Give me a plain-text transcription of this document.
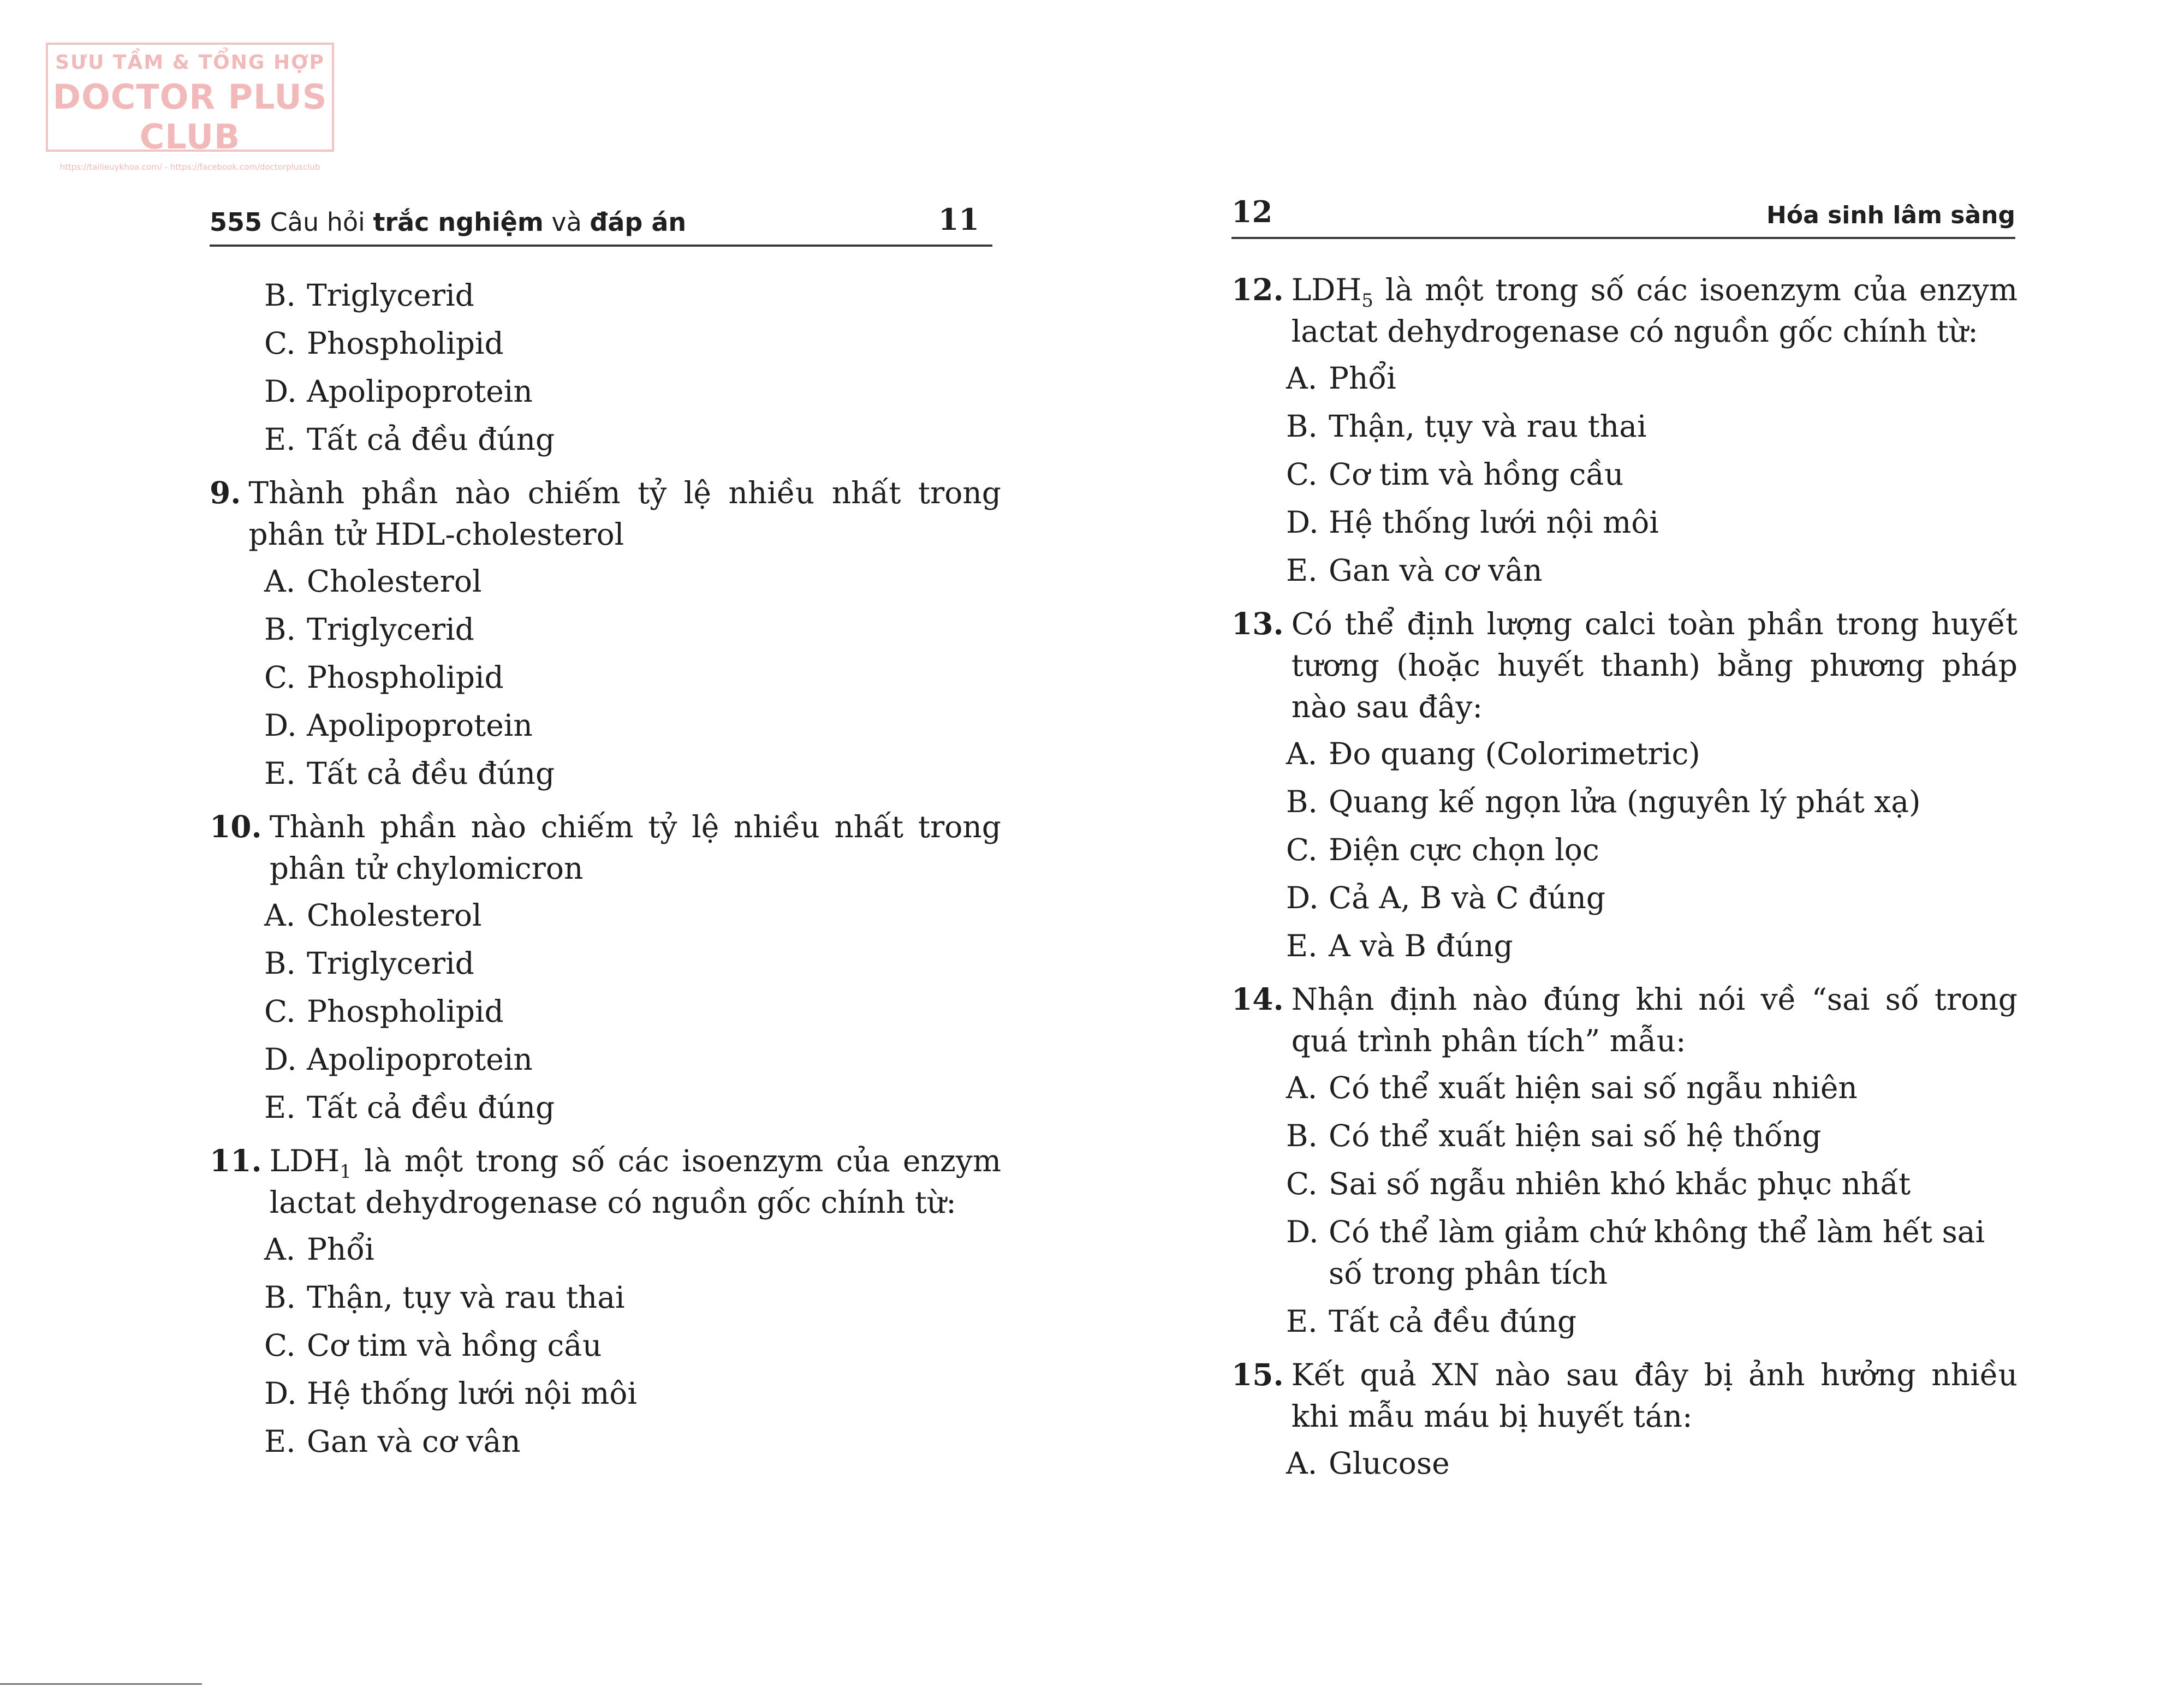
SƯU TẦM & TỔNG HỢP
DOCTOR PLUS CLUB
https://tailieuykhoa.com/ - https://facebook.com/doctorplusclub
555 Câu hỏi trắc nghiệm và đáp án	11	12	Hóa sinh lâm sàng
B. Triglycerid
C. Phospholipid
D. Apolipoprotein
E. Tất cả đều đúng
9. Thành phần nào chiếm tỷ lệ nhiều nhất trong phân tử HDL-cholesterol
A. Cholesterol
B. Triglycerid
C. Phospholipid
D. Apolipoprotein
E. Tất cả đều đúng
10. Thành phần nào chiếm tỷ lệ nhiều nhất trong phân tử chylomicron
A. Cholesterol
B. Triglycerid
C. Phospholipid
D. Apolipoprotein
E. Tất cả đều đúng
11. $LDH_1$ là một trong số các isoenzym của enzym lactat dehydrogenase có nguồn gốc chính từ:
A. Phổi
B. Thận, tụy và rau thai
C. Cơ tim và hồng cầu
D. Hệ thống lưới nội môi
E. Gan và cơ vân
12. $LDH_5$ là một trong số các isoenzym của enzym lactat dehydrogenase có nguồn gốc chính từ:
A. Phổi
B. Thận, tụy và rau thai
C. Cơ tim và hồng cầu
D. Hệ thống lưới nội môi
E. Gan và cơ vân
13. Có thể định lượng calci toàn phần trong huyết tương (hoặc huyết thanh) bằng phương pháp nào sau đây:
A. Đo quang (Colorimetric)
B. Quang kế ngọn lửa (nguyên lý phát xạ)
C. Điện cực chọn lọc
D. Cả A, B và C đúng
E. A và B đúng
14. Nhận định nào đúng khi nói về “sai số trong quá trình phân tích” mẫu:
A. Có thể xuất hiện sai số ngẫu nhiên
B. Có thể xuất hiện sai số hệ thống
C. Sai số ngẫu nhiên khó khắc phục nhất
D. Có thể làm giảm chứ không thể làm hết sai số trong phân tích
E. Tất cả đều đúng
15. Kết quả XN nào sau đây bị ảnh hưởng nhiều khi mẫu máu bị huyết tán:
A. Glucose
